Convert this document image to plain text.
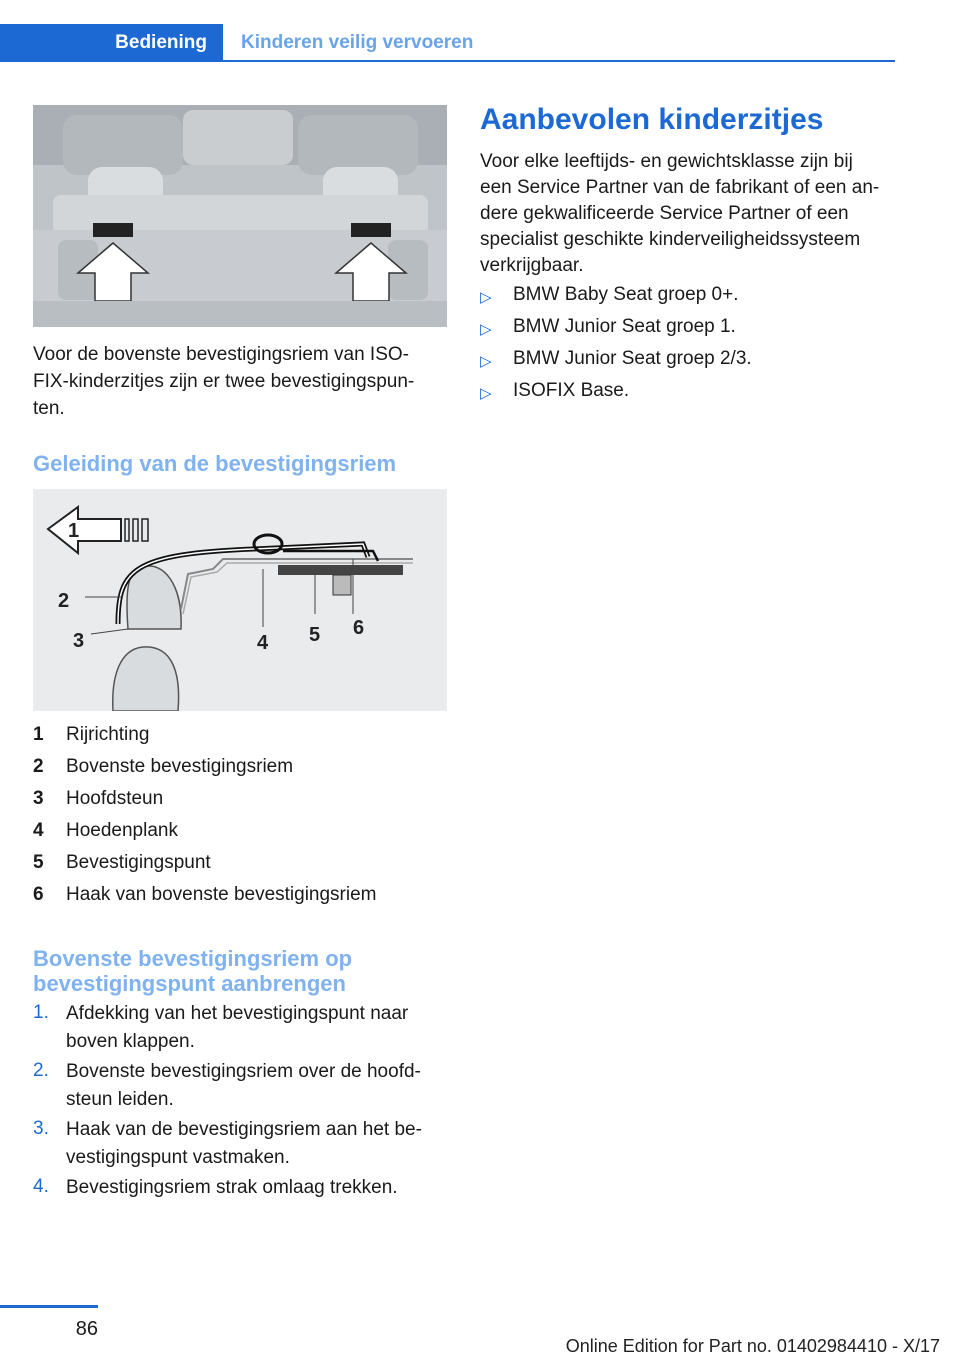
Bediening	Kinderen veilig vervoeren
Voor de bovenste bevestigingsriem van ISO-
FIX-kinderzitjes zijn er twee bevestigingspun-
ten.
Geleiding van de bevestigingsriem
2
3	4 5 6
1
1 Rijrichting
2 Bovenste bevestigingsriem
3 Hoofdsteun
4 Hoedenplank
5 Bevestigingspunt
6 Haak van bovenste bevestigingsriem
Bovenste bevestigingsriem op
bevestigingspunt aanbrengen
1. Afdekking van het bevestigingspunt naar
boven klappen.
2. Bovenste bevestigingsriem over de hoofd-
steun leiden.
3. Haak van de bevestigingsriem aan het be-
vestigingspunt vastmaken.
4. Bevestigingsriem strak omlaag trekken.
Aanbevolen kinderzitjes
Voor elke leeftijds- en gewichtsklasse zijn bij
een Service Partner van de fabrikant of een an-
dere gekwalificeerde Service Partner of een
specialist geschikte kinderveiligheidssysteem
verkrijgbaar.
▷ BMW Baby Seat groep 0+.
▷ BMW Junior Seat groep 1.
▷ BMW Junior Seat groep 2/3.
▷ ISOFIX Base.
86
Online Edition for Part no. 01402984410 - X/17
